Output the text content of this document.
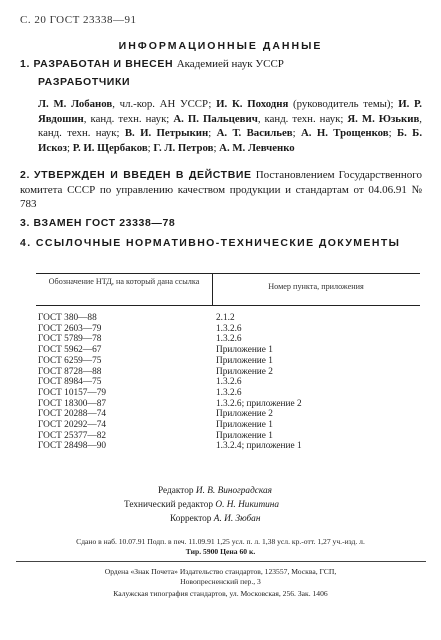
С. 20 ГОСТ 23338—91
ИНФОРМАЦИОННЫЕ ДАННЫЕ
1. РАЗРАБОТАН И ВНЕСЕН Академией наук УССР
РАЗРАБОТЧИКИ
Л. М. Лобанов, чл.-кор. АН УССР; И. К. Походня (руководитель темы); И. Р. Явдошин, канд. техн. наук; А. П. Пальцевич, канд. техн. наук; Я. М. Юзькив, канд. техн. наук; В. И. Петрыкин; А. Т. Васильев; А. Н. Трощенков; Б. Б. Искоз; Р. И. Щербаков; Г. Л. Петров; А. М. Левченко
2. УТВЕРЖДЕН И ВВЕДЕН В ДЕЙСТВИЕ Постановлением Государственного комитета СССР по управлению качеством продукции и стандартам от 04.06.91 № 783
3. ВЗАМЕН ГОСТ 23338—78
4. ССЫЛОЧНЫЕ НОРМАТИВНО-ТЕХНИЧЕСКИЕ ДОКУМЕНТЫ
Обозначение НТД, на который дана ссылка
Номер пункта, приложения
ГОСТ 380—88	2.1.2
ГОСТ 2603—79	1.3.2.6
ГОСТ 5789—78	1.3.2.6
ГОСТ 5962—67	Приложение 1
ГОСТ 6259—75	Приложение 1
ГОСТ 8728—88	Приложение 2
ГОСТ 8984—75	1.3.2.6
ГОСТ 10157—79	1.3.2.6
ГОСТ 18300—87	1.3.2.6; приложение 2
ГОСТ 20288—74	Приложение 2
ГОСТ 20292—74	Приложение 1
ГОСТ 25377—82	Приложение 1
ГОСТ 28498—90	1.3.2.4; приложение 1
Редактор И. В. Виноградская
Технический редактор О. Н. Никитина
Корректор А. И. Зюбан
Сдано в наб. 10.07.91 Подп. в печ. 11.09.91 1,25 усл. п. л. 1,38 усл. кр.-отт. 1,27 уч.-изд. л.
Тир. 5900 Цена 60 к.
Ордена «Знак Почета» Издательство стандартов, 123557, Москва, ГСП,
Новопресненский пер., 3
Калужская типография стандартов, ул. Московская, 256. Зак. 1406
